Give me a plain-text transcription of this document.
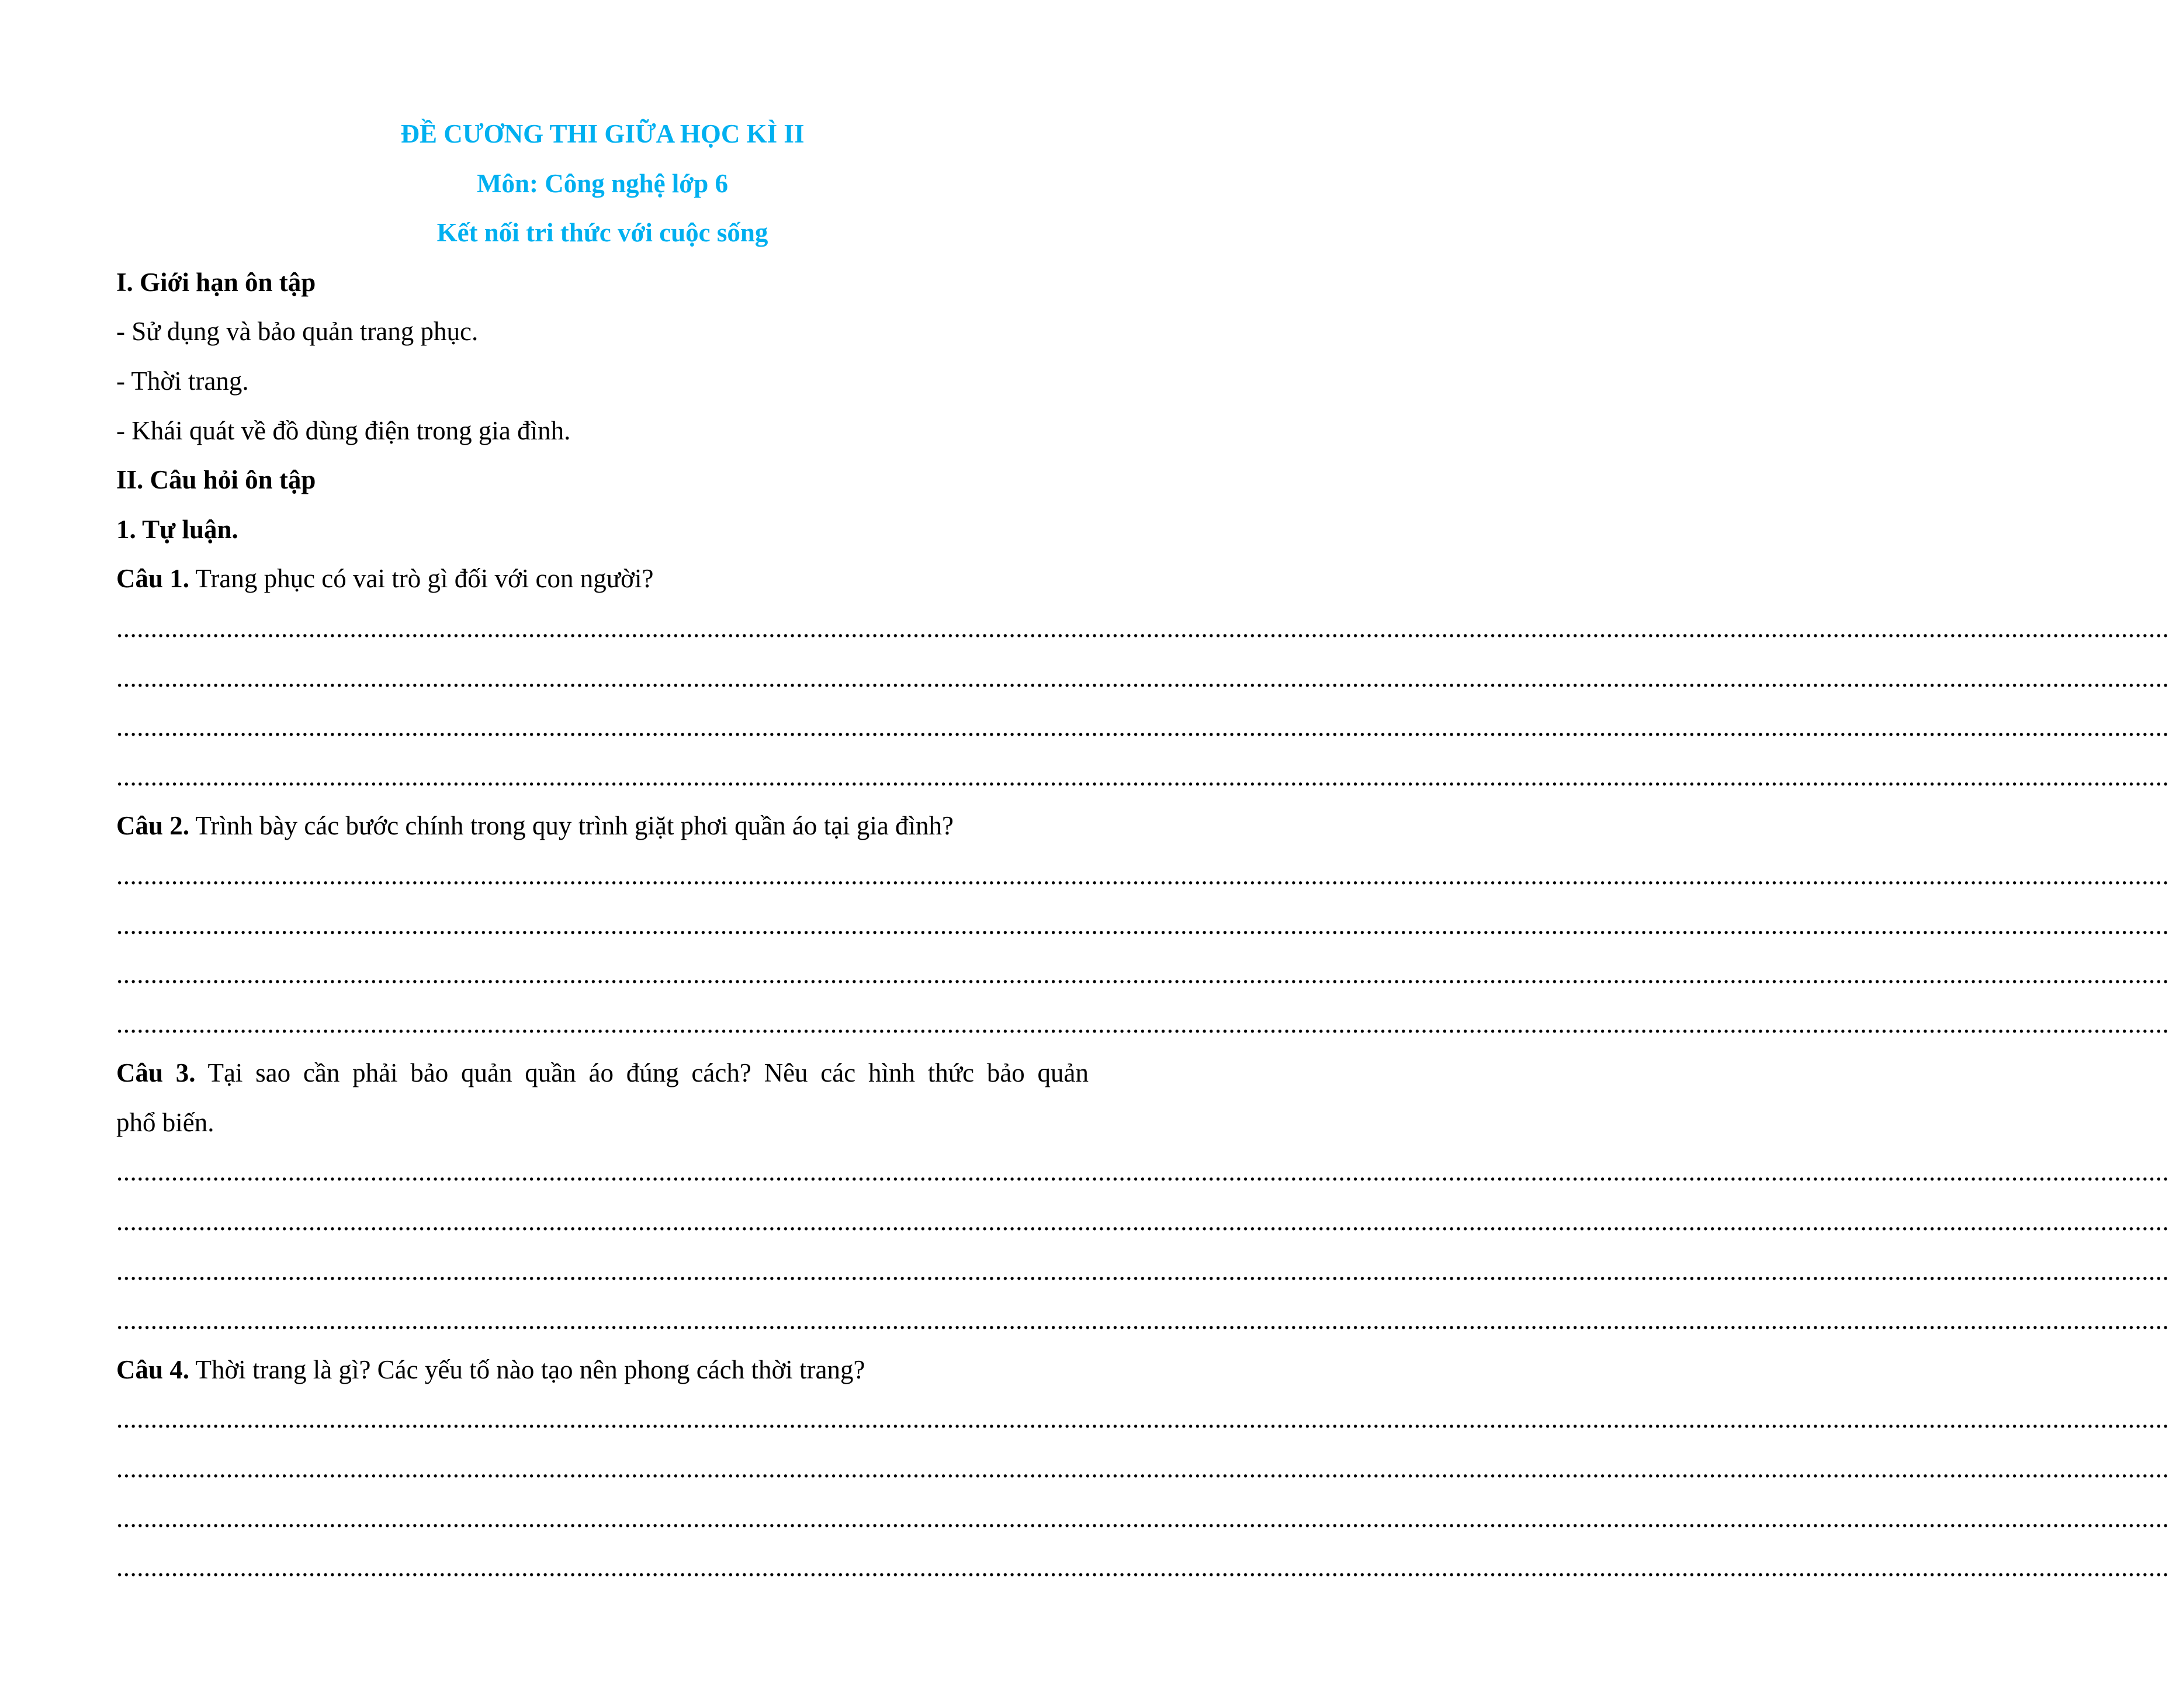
ĐỀ CƯƠNG THI GIỮA HỌC KÌ II
Môn: Công nghệ lớp 6
Kết nối tri thức với cuộc sống
I. Giới hạn ôn tập
- Sử dụng và bảo quản trang phục.
- Thời trang.
- Khái quát về đồ dùng điện trong gia đình.
II. Câu hỏi ôn tập
1. Tự luận.
Câu 1. Trang phục có vai trò gì đối với con người?
...........................................................................................................................................................................................................................................................................................................
...........................................................................................................................................................................................................................................................................................................
...........................................................................................................................................................................................................................................................................................................
...........................................................................................................................................................................................................................................................................................................
Câu 2. Trình bày các bước chính trong quy trình giặt phơi quần áo tại gia đình?
...........................................................................................................................................................................................................................................................................................................
...........................................................................................................................................................................................................................................................................................................
...........................................................................................................................................................................................................................................................................................................
...........................................................................................................................................................................................................................................................................................................
Câu 3. Tại sao cần phải bảo quản quần áo đúng cách? Nêu các hình thức bảo quản
phổ biến.
...........................................................................................................................................................................................................................................................................................................
...........................................................................................................................................................................................................................................................................................................
...........................................................................................................................................................................................................................................................................................................
...........................................................................................................................................................................................................................................................................................................
Câu 4. Thời trang là gì? Các yếu tố nào tạo nên phong cách thời trang?
...........................................................................................................................................................................................................................................................................................................
...........................................................................................................................................................................................................................................................................................................
...........................................................................................................................................................................................................................................................................................................
...........................................................................................................................................................................................................................................................................................................
